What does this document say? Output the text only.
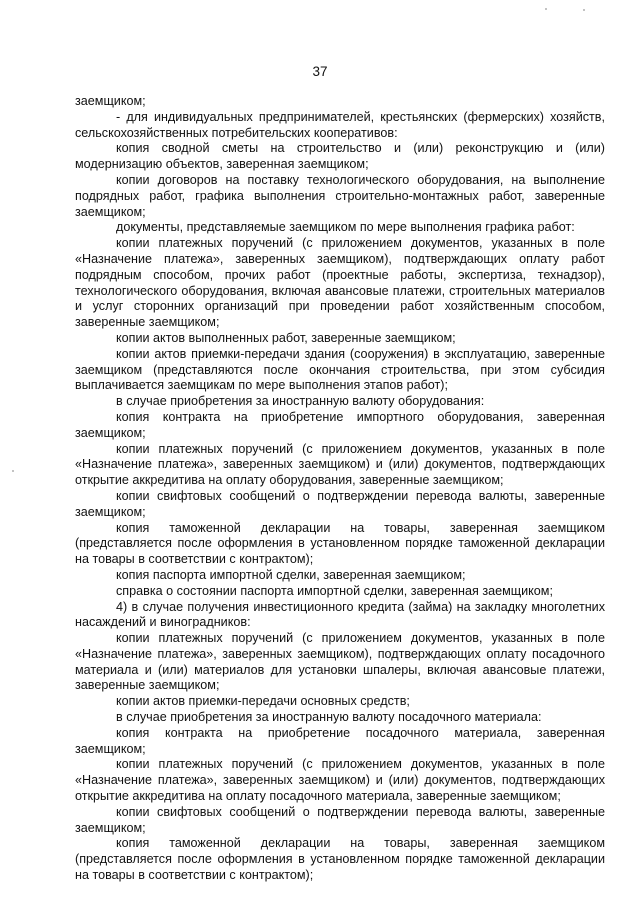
37

заемщиком;

- для индивидуальных предпринимателей, крестьянских (фермерских) хозяйств, сельскохозяйственных потребительских кооперативов:

копия сводной сметы на строительство и (или) реконструкцию и (или) модернизацию объектов, заверенная заемщиком;

копии договоров на поставку технологического оборудования, на выполнение подрядных работ, графика выполнения строительно-монтажных работ, заверенные заемщиком;

документы, представляемые заемщиком по мере выполнения графика работ:

копии платежных поручений (с приложением документов, указанных в поле «Назначение платежа», заверенных заемщиком), подтверждающих оплату работ подрядным способом, прочих работ (проектные работы, экспертиза, технадзор), технологического оборудования, включая авансовые платежи, строительных материалов и услуг сторонних организаций при проведении работ хозяйственным способом, заверенные заемщиком;

копии актов выполненных работ, заверенные заемщиком;

копии актов приемки-передачи здания (сооружения) в эксплуатацию, заверенные заемщиком (представляются после окончания строительства, при этом субсидия выплачивается заемщикам по мере выполнения этапов работ);

в случае приобретения за иностранную валюту оборудования:

копия контракта на приобретение импортного оборудования, заверенная заемщиком;

копии платежных поручений (с приложением документов, указанных в поле «Назначение платежа», заверенных заемщиком) и (или) документов, подтверждающих открытие аккредитива на оплату оборудования, заверенные заемщиком;

копии свифтовых сообщений о подтверждении перевода валюты, заверенные заемщиком;

копия таможенной декларации на товары, заверенная заемщиком (представляется после оформления в установленном порядке таможенной декларации на товары в соответствии с контрактом);

копия паспорта импортной сделки, заверенная заемщиком;

справка о состоянии паспорта импортной сделки, заверенная заемщиком;

4) в случае получения инвестиционного кредита (займа) на закладку многолетних насаждений и виноградников:

копии платежных поручений (с приложением документов, указанных в поле «Назначение платежа», заверенных заемщиком), подтверждающих оплату посадочного материала и (или) материалов для установки шпалеры, включая авансовые платежи, заверенные заемщиком;

копии актов приемки-передачи основных средств;

в случае приобретения за иностранную валюту посадочного материала:

копия контракта на приобретение посадочного материала, заверенная заемщиком;

копии платежных поручений (с приложением документов, указанных в поле «Назначение платежа», заверенных заемщиком) и (или) документов, подтверждающих открытие аккредитива на оплату посадочного материала, заверенные заемщиком;

копии свифтовых сообщений о подтверждении перевода валюты, заверенные заемщиком;

копия таможенной декларации на товары, заверенная заемщиком (представляется после оформления в установленном порядке таможенной декларации на товары в соответствии с контрактом);
